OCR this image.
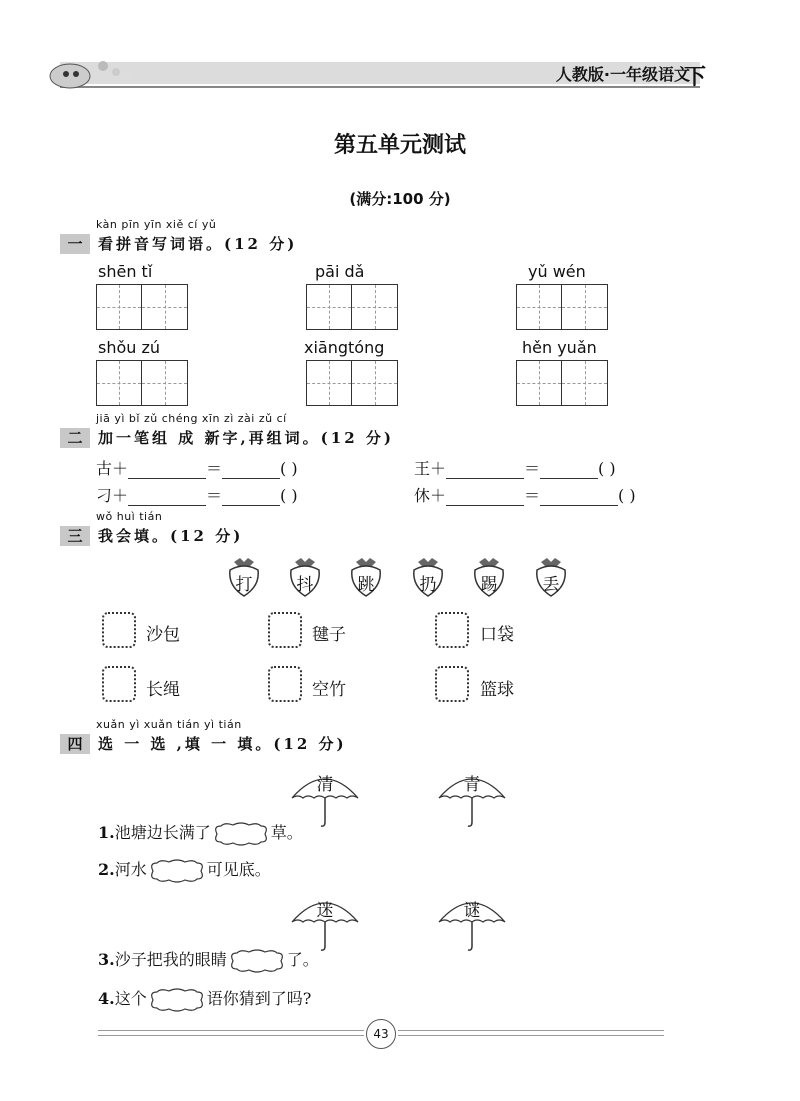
人教版·一年级语文
下
第五单元测试
(满分:100 分)
kàn pīn yīn xiě cí yǔ
一	看拼音写词语。(12 分)
shēn tǐ	pāi dǎ	yǔ wén
shǒu zú	xiāngtóng	hěn yuǎn
jiā yì bǐ zǔ chéng xīn zì zài zǔ cí
二	加一笔组 成 新字,再组词。(12 分)
古＋	＝	( )	王＋	＝	( )
刁＋	＝	( )	休＋	＝	( )
wǒ huì tián
三	我会填。(12 分)
打	抖	跳	扔	踢	丢
沙包	毽子	口袋
长绳	空竹	篮球
xuǎn yì xuǎn tián yì tián
四	选 一 选 ,填 一 填。(12 分)
清	青
1.池塘边长满了	草。
2.河水	可见底。
迷	谜
3.沙子把我的眼睛	了。
4.这个	语你猜到了吗?
43
